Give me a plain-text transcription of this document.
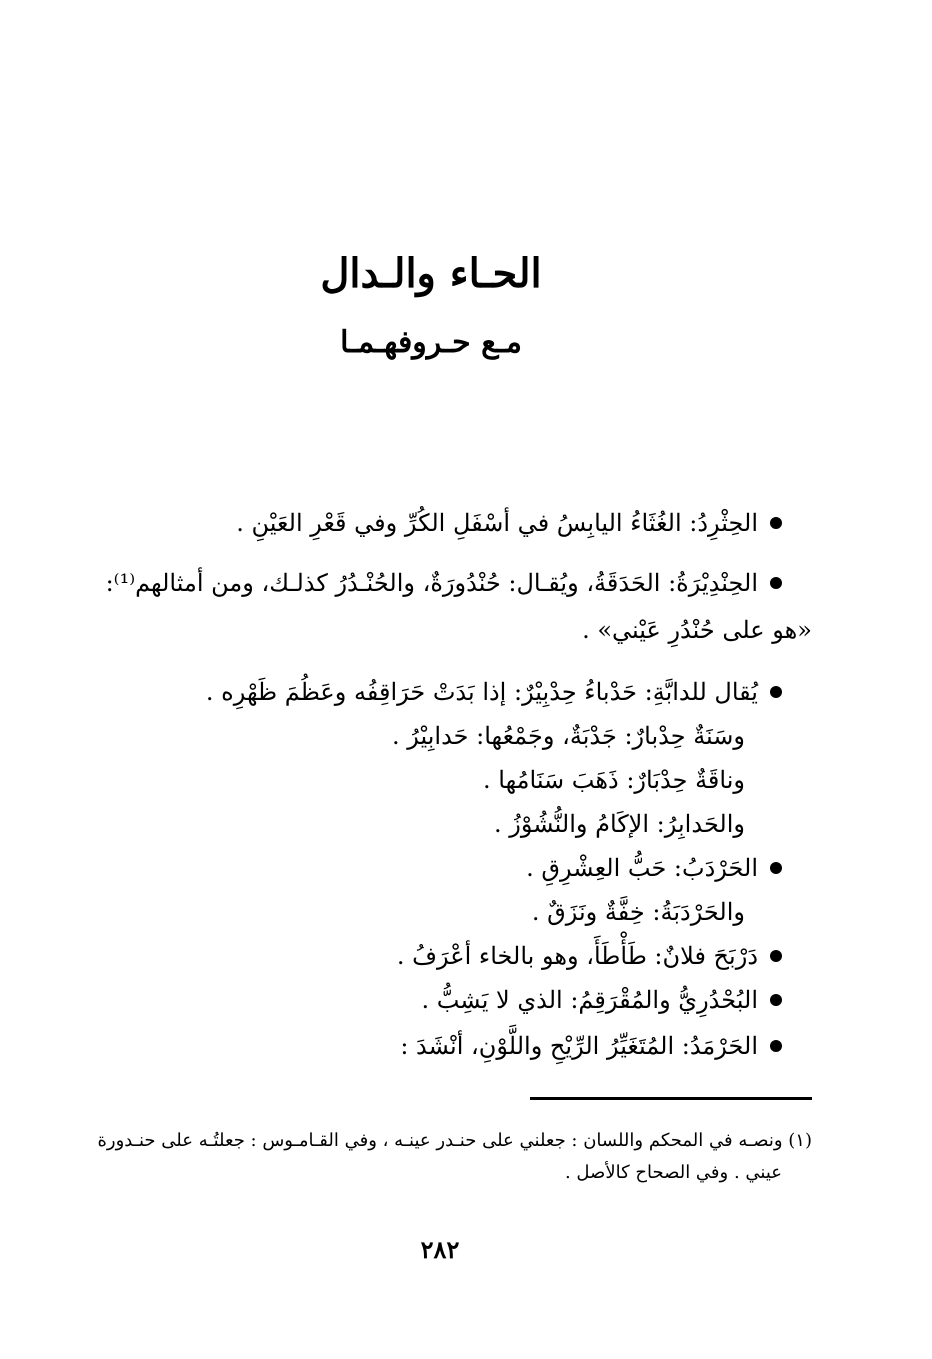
الحـاء والـدال
مـع حـروفهـمـا
الحِثْرِدُ: الغُثَاءُ اليابِسُ في أسْفَلِ الكُرِّ وفي قَعْرِ العَيْنِ .
الحِنْدِيْرَةُ: الحَدَقَةُ، ويُقـال: حُنْدُورَةٌ، والحُنْـدُرُ كذلـك، ومن أمثالهم⁽¹⁾:
«هو على حُنْدُرِ عَيْني» .
يُقال للدابَّةِ: حَدْباءُ حِدْبِيْرٌ: إذا بَدَتْ حَرَاقِفُه وعَظُمَ ظَهْرِه .
وسَنَةٌ حِدْبارٌ: جَدْبَةٌ، وجَمْعُها: حَدابِيْرُ .
وناقَةٌ حِدْبَارٌ: ذَهَبَ سَنَامُها .
والحَدابِرُ: الإكَامُ والنُّشُوْزُ .
الحَرْدَبُ: حَبُّ العِشْرِقِ .
والحَرْدَبَةُ: خِفَّةٌ ونَزَقٌ .
دَرْبَحَ فلانٌ: طَأْطَأَ، وهو بالخاء أعْرَفُ .
البُحْدُرِيُّ والمُقْرَقِمُ: الذي لا يَشِبُّ .
الحَرْمَدُ: المُتَغَيِّرُ الرِّيْحِ واللَّوْنِ، أنْشَدَ :
(١) ونصـه في المحكم واللسان : جعلني على حنـدر عينـه ، وفي القـامـوس : جعلتُـه على حنـدورة
عيني . وفي الصحاح كالأصل .
٢٨٢
